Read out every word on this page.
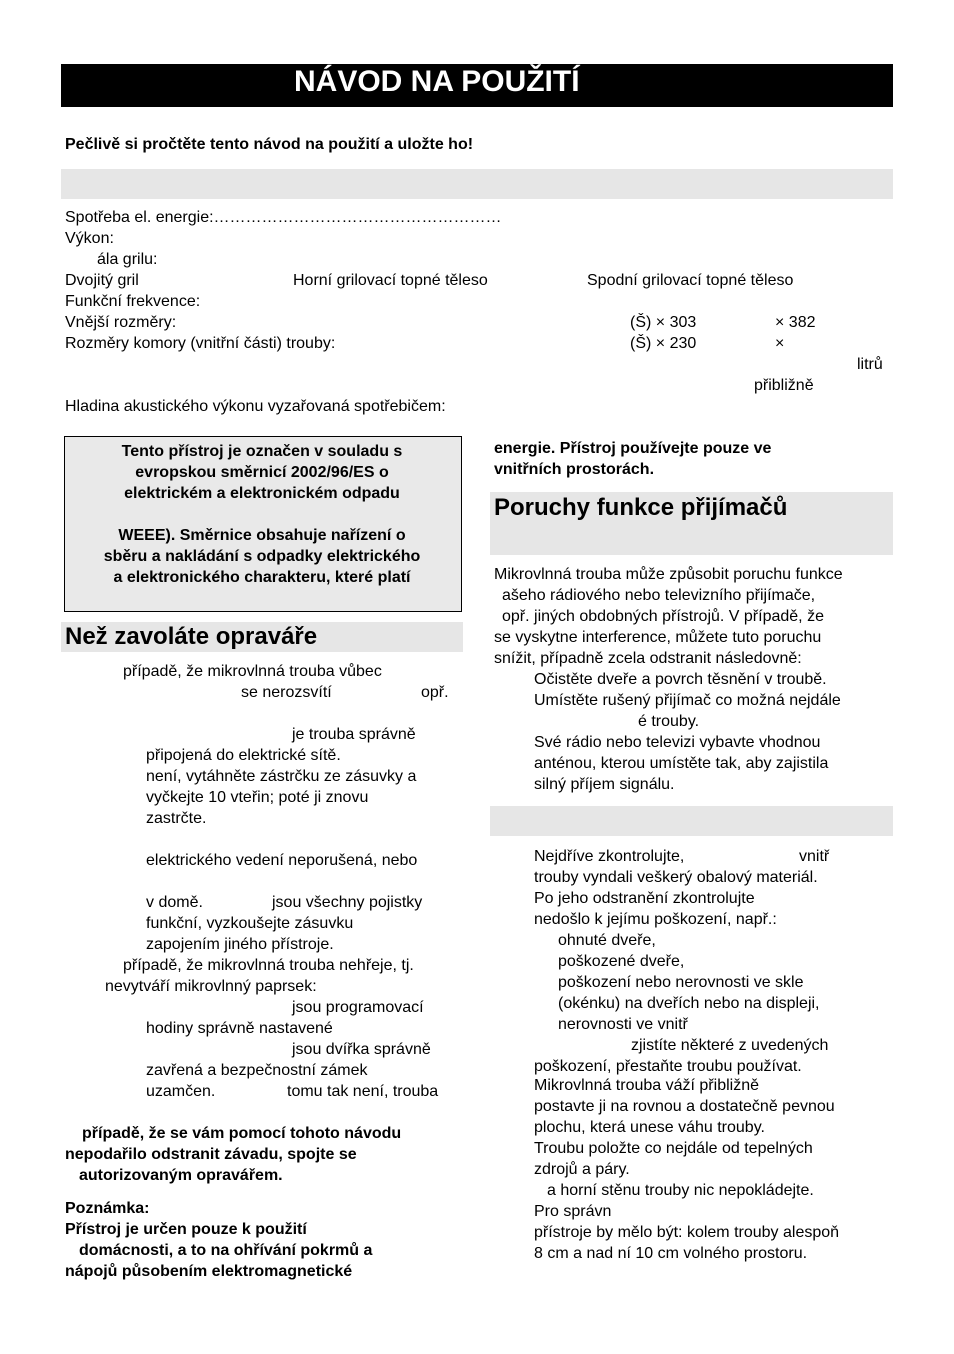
NÁVOD NA POUŽITÍ
Pečlivě si pročtěte tento návod na použití a uložte ho!
Spotřeba el. energie:………………………………………………
Výkon:
ála grilu:
Dvojitý gril	Horní grilovací topné těleso	Spodní grilovací topné těleso
Funkční frekvence:
Vnější rozměry:	(Š) × 303	× 382
Rozměry komory (vnitřní části) trouby:	(Š) × 230	×
litrů
přibližně
Hladina akustického výkonu vyzařovaná spotřebičem:
Tento přístroj je označen v souladu s
evropskou směrnicí 2002/96/ES o
elektrickém a elektronickém odpadu
WEEE). Směrnice obsahuje nařízení o
sběru a nakládání s odpadky elektrického
a elektronického charakteru, které platí
Než zavoláte opraváře
případě, že mikrovlnná trouba vůbec
se nerozsvítí	opř.
je trouba správně
připojená do elektrické sítě.
není, vytáhněte zástrčku ze zásuvky a
vyčkejte 10 vteřin; poté ji znovu
zastrčte.
elektrického vedení neporušená, nebo
v domě.	jsou všechny pojistky
funkční, vyzkoušejte zásuvku
zapojením jiného přístroje.
případě, že mikrovlnná trouba nehřeje, tj.
nevytváří mikrovlnný paprsek:
jsou programovací
hodiny správně nastavené
jsou dvířka správně
zavřená a bezpečnostní zámek
uzamčen.	tomu tak není, trouba
případě, že se vám pomocí tohoto návodu
nepodařilo odstranit závadu, spojte se
autorizovaným opravářem.
Poznámka:
Přístroj je určen pouze k použití
domácnosti, a to na ohřívání pokrmů a
nápojů působením elektromagnetické
energie. Přístroj používejte pouze ve
vnitřních prostorách.
Poruchy funkce přijímačů
Mikrovlnná trouba může způsobit poruchu funkce
ašeho rádiového nebo televizního přijímače,
opř. jiných obdobných přístrojů. V případě, že
se vyskytne interference, můžete tuto poruchu
snížit, případně zcela odstranit následovně:
Očistěte dveře a povrch těsnění v troubě.
Umístěte rušený přijímač co možná nejdále
é trouby.
Své rádio nebo televizi vybavte vhodnou
anténou, kterou umístěte tak, aby zajistila
silný příjem signálu.
Nejdříve zkontrolujte,	vnitř
trouby vyndali veškerý obalový materiál.
Po jeho odstranění zkontrolujte
nedošlo k jejímu poškození, např.:
ohnuté dveře,
poškozené dveře,
poškození nebo nerovnosti ve skle
(okénku) na dveřích nebo na displeji,
nerovnosti ve vnitř
zjistíte některé z uvedených
poškození, přestaňte troubu používat.
Mikrovlnná trouba váží přibližně
postavte ji na rovnou a dostatečně pevnou
plochu, která unese váhu trouby.
Troubu položte co nejdále od tepelných
zdrojů a páry.
a horní stěnu trouby nic nepokládejte.
Pro správn
přístroje by mělo být: kolem trouby alespoň
8 cm a nad ní 10 cm volného prostoru.
